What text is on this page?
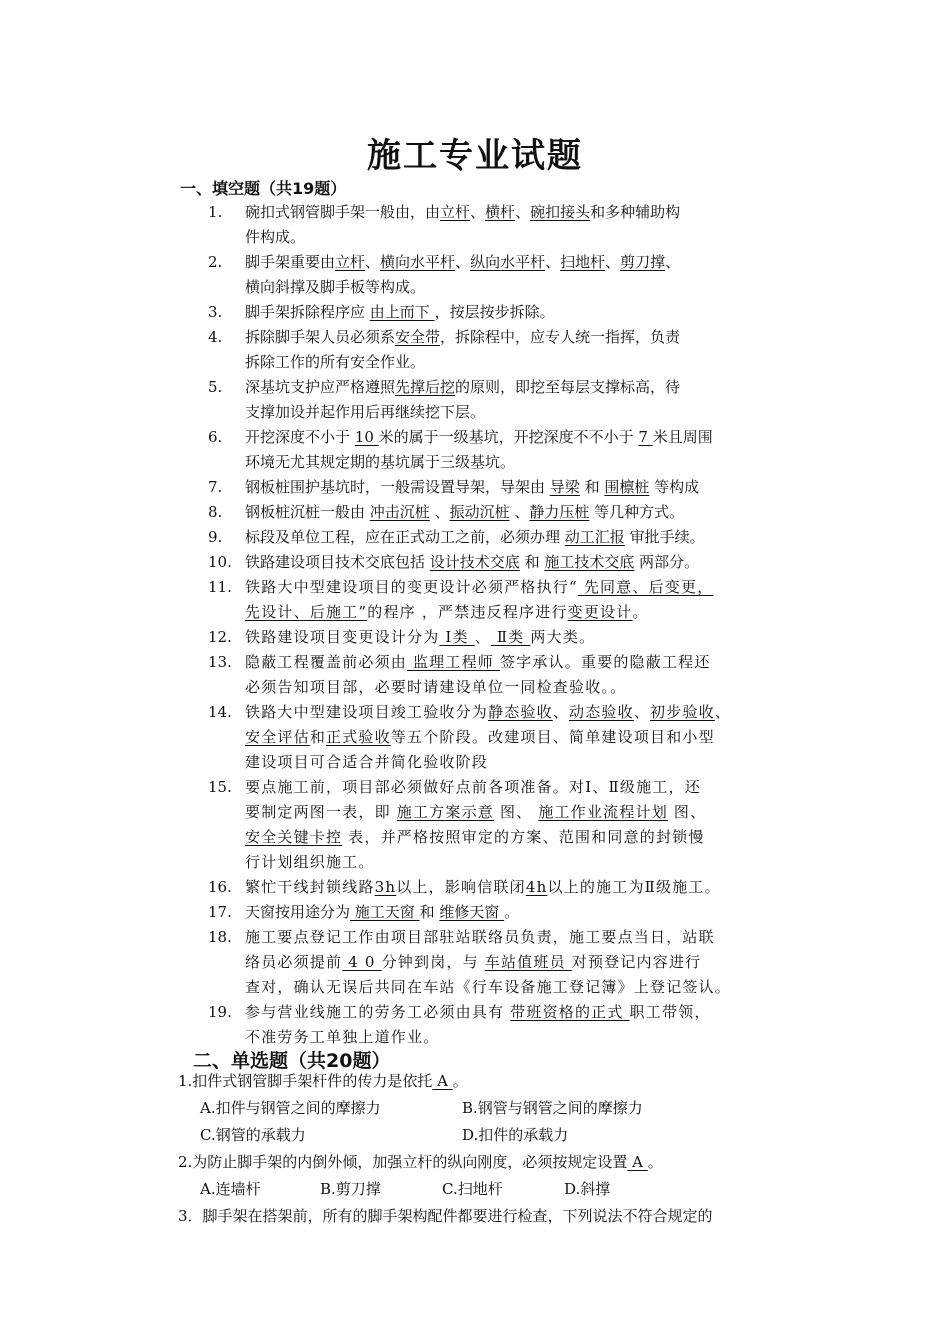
施工专业试题
一、填空题（共19题）
1.	碗扣式钢管脚手架一般由，由立杆、横杆、碗扣接头和多种辅助构
件构成。
2.	脚手架重要由立杆、横向水平杆、纵向水平杆、扫地杆、剪刀撑、
横向斜撑及脚手板等构成。
3.	脚手架拆除程序应 由上而下 ，按层按步拆除。
4.	拆除脚手架人员必须系安全带，拆除程中，应专人统一指挥，负责
拆除工作的所有安全作业。
5.	深基坑支护应严格遵照先撑后挖的原则，即挖至每层支撑标高，待
支撑加设并起作用后再继续挖下层。
6.	开挖深度不小于 10 米的属于一级基坑，开挖深度不不小于 7 米且周围
环境无尤其规定期的基坑属于三级基坑。
7.	钢板桩围护基坑时，一般需设置导架，导架由 导梁 和 围檩桩 等构成
8.	钢板桩沉桩一般由 冲击沉桩 、振动沉桩 、静力压桩 等几种方式。
9.	标段及单位工程，应在正式动工之前，必须办理 动工汇报 审批手续。
10. 铁路建设项目技术交底包括 设计技术交底 和 施工技术交底 两部分。
11. 铁路大中型建设项目的变更设计必须严格执行“ 先同意、后变更，
先设计、后施工”的程序 ，严禁违反程序进行变更设计。
12. 铁路建设项目变更设计分为 Ⅰ类 、 Ⅱ类 两大类。
13. 隐蔽工程覆盖前必须由 监理工程师 签字承认。重要的隐蔽工程还
必须告知项目部，必要时请建设单位一同检查验收。。
14. 铁路大中型建设项目竣工验收分为静态验收、动态验收、初步验收、
安全评估和正式验收等五个阶段。改建项目、简单建设项目和小型
建设项目可合适合并简化验收阶段
15. 要点施工前，项目部必须做好点前各项准备。对Ⅰ、Ⅱ级施工，还
要制定两图一表，即 施工方案示意 图、 施工作业流程计划 图、
安全关键卡控 表，并严格按照审定的方案、范围和同意的封锁慢
行计划组织施工。
16. 繁忙干线封锁线路3h以上，影响信联闭4h以上的施工为Ⅱ级施工。
17. 天窗按用途分为 施工天窗 和 维修天窗 。
18. 施工要点登记工作由项目部驻站联络员负责，施工要点当日，站联
络员必须提前 4 0 分钟到岗，与 车站值班员 对预登记内容进行
查对，确认无误后共同在车站《行车设备施工登记簿》上登记签认。
19. 参与营业线施工的劳务工必须由具有 带班资格的正式 职工带领，
不准劳务工单独上道作业。
二、单选题（共20题）
1.扣件式钢管脚手架杆件的传力是依托 A 。
A.扣件与钢管之间的摩擦力	B.钢管与钢管之间的摩擦力
C.钢管的承载力	D.扣件的承载力
2.为防止脚手架的内倒外倾，加强立杆的纵向刚度，必须按规定设置 A 。
A.连墙杆	B.剪刀撑	C.扫地杆	D.斜撑
3．脚手架在搭架前，所有的脚手架构配件都要进行检查，下列说法不符合规定的
